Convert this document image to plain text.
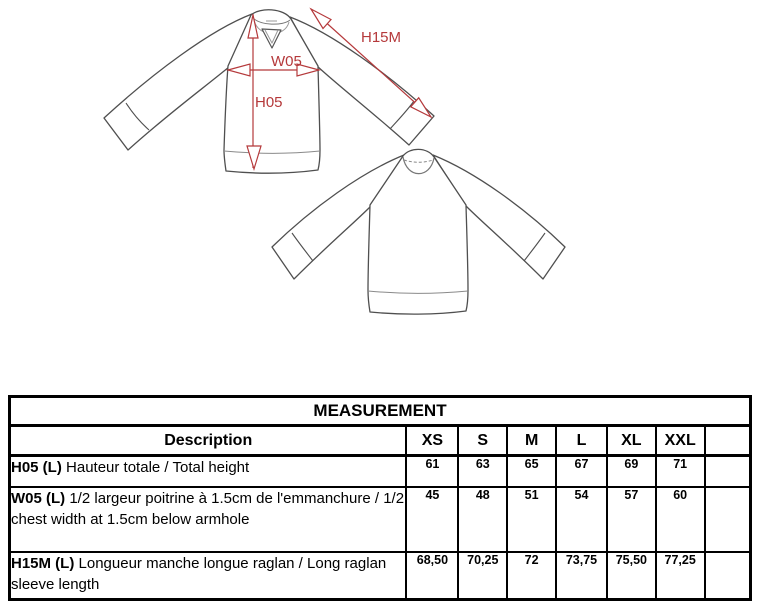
H15M
W05
H05
MEASUREMENT							
Description	XS	S	M	L	XL	XXL	
H05 (L) Hauteur totale / Total height	61	63	65	67	69	71	
W05 (L) 1/2 largeur poitrine à 1.5cm de l'emmanchure / 1/2 chest width at 1.5cm below armhole	45	48	51	54	57	60	
H15M (L) Longueur manche longue raglan / Long raglan sleeve length	68,50	70,25	72	73,75	75,50	77,25	
